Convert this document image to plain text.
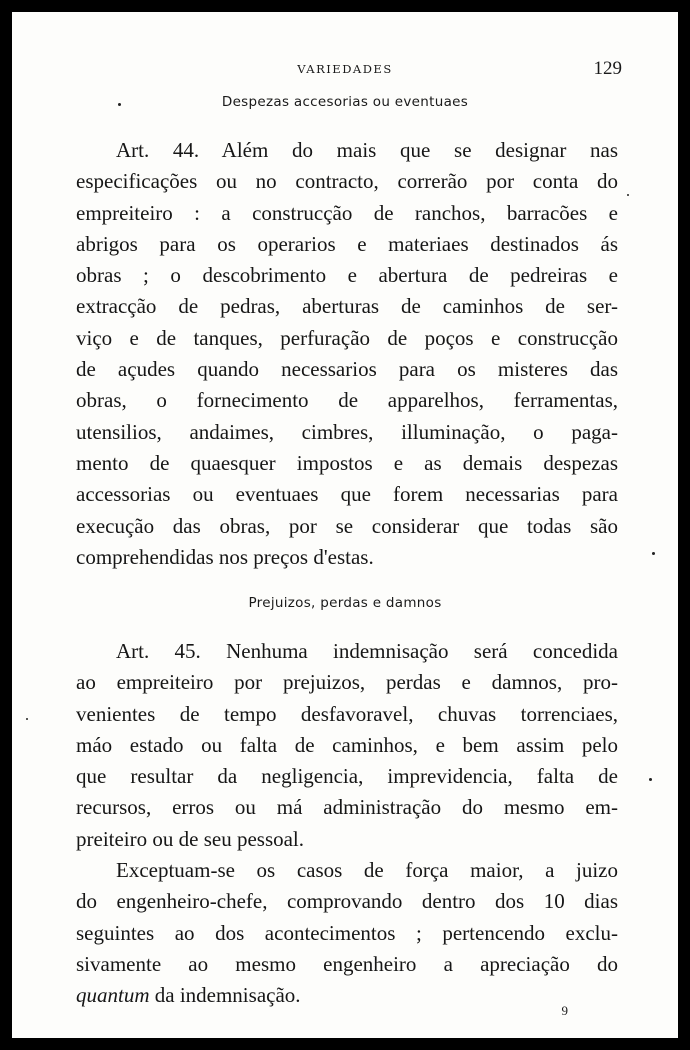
VARIEDADES	129
Despezas accesorias ou eventuaes

Art. 44. Além do mais que se designar nas
especificações ou no contracto, correrão por conta do
empreiteiro : a construcção de ranchos, barracões e
abrigos para os operarios e materiaes destinados ás
obras ; o descobrimento e abertura de pedreiras e
extracção de pedras, aberturas de caminhos de ser-
viço e de tanques, perfuração de poços e construcção
de açudes quando necessarios para os misteres das
obras, o fornecimento de apparelhos, ferramentas,
utensilios, andaimes, cimbres, illuminação, o paga-
mento de quaesquer impostos e as demais despezas
accessorias ou eventuaes que forem necessarias para
execução das obras, por se considerar que todas são
comprehendidas nos preços d'estas.

Prejuizos, perdas e damnos

Art. 45. Nenhuma indemnisação será concedida
ao empreiteiro por prejuizos, perdas e damnos, pro-
venientes de tempo desfavoravel, chuvas torrenciaes,
máo estado ou falta de caminhos, e bem assim pelo
que resultar da negligencia, imprevidencia, falta de
recursos, erros ou má administração do mesmo em-
preiteiro ou de seu pessoal.

Exceptuam-se os casos de força maior, a juizo
do engenheiro-chefe, comprovando dentro dos 10 dias
seguintes ao dos acontecimentos ; pertencendo exclu-
sivamente ao mesmo engenheiro a apreciação do
quantum da indemnisação.

9
